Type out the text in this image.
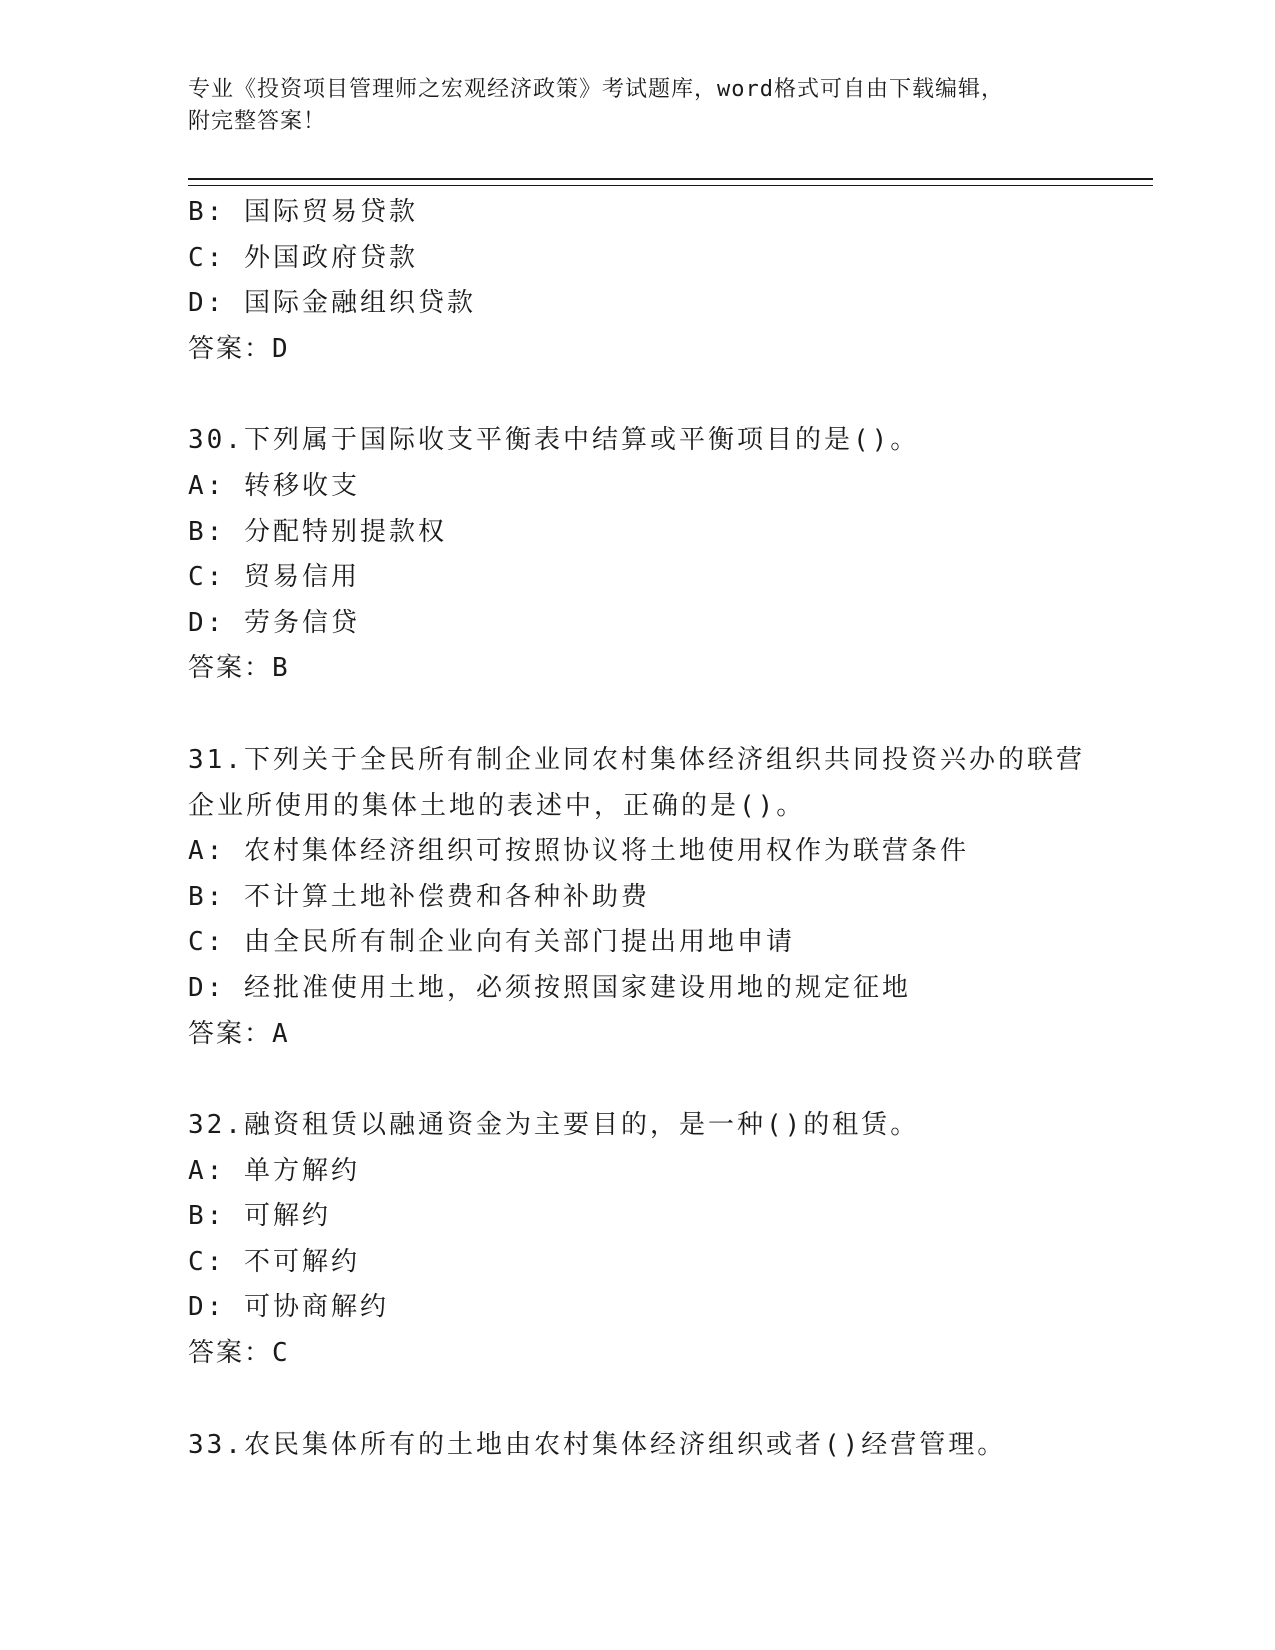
专业《投资项目管理师之宏观经济政策》考试题库，word格式可自由下载编辑，
附完整答案！
B: 国际贸易贷款
C: 外国政府贷款
D: 国际金融组织贷款
答案：D
30.下列属于国际收支平衡表中结算或平衡项目的是()。
A: 转移收支
B: 分配特别提款权
C: 贸易信用
D: 劳务信贷
答案：B
31.下列关于全民所有制企业同农村集体经济组织共同投资兴办的联营
企业所使用的集体土地的表述中，正确的是()。
A: 农村集体经济组织可按照协议将土地使用权作为联营条件
B: 不计算土地补偿费和各种补助费
C: 由全民所有制企业向有关部门提出用地申请
D: 经批准使用土地，必须按照国家建设用地的规定征地
答案：A
32.融资租赁以融通资金为主要目的，是一种()的租赁。
A: 单方解约
B: 可解约
C: 不可解约
D: 可协商解约
答案：C
33.农民集体所有的土地由农村集体经济组织或者()经营管理。
